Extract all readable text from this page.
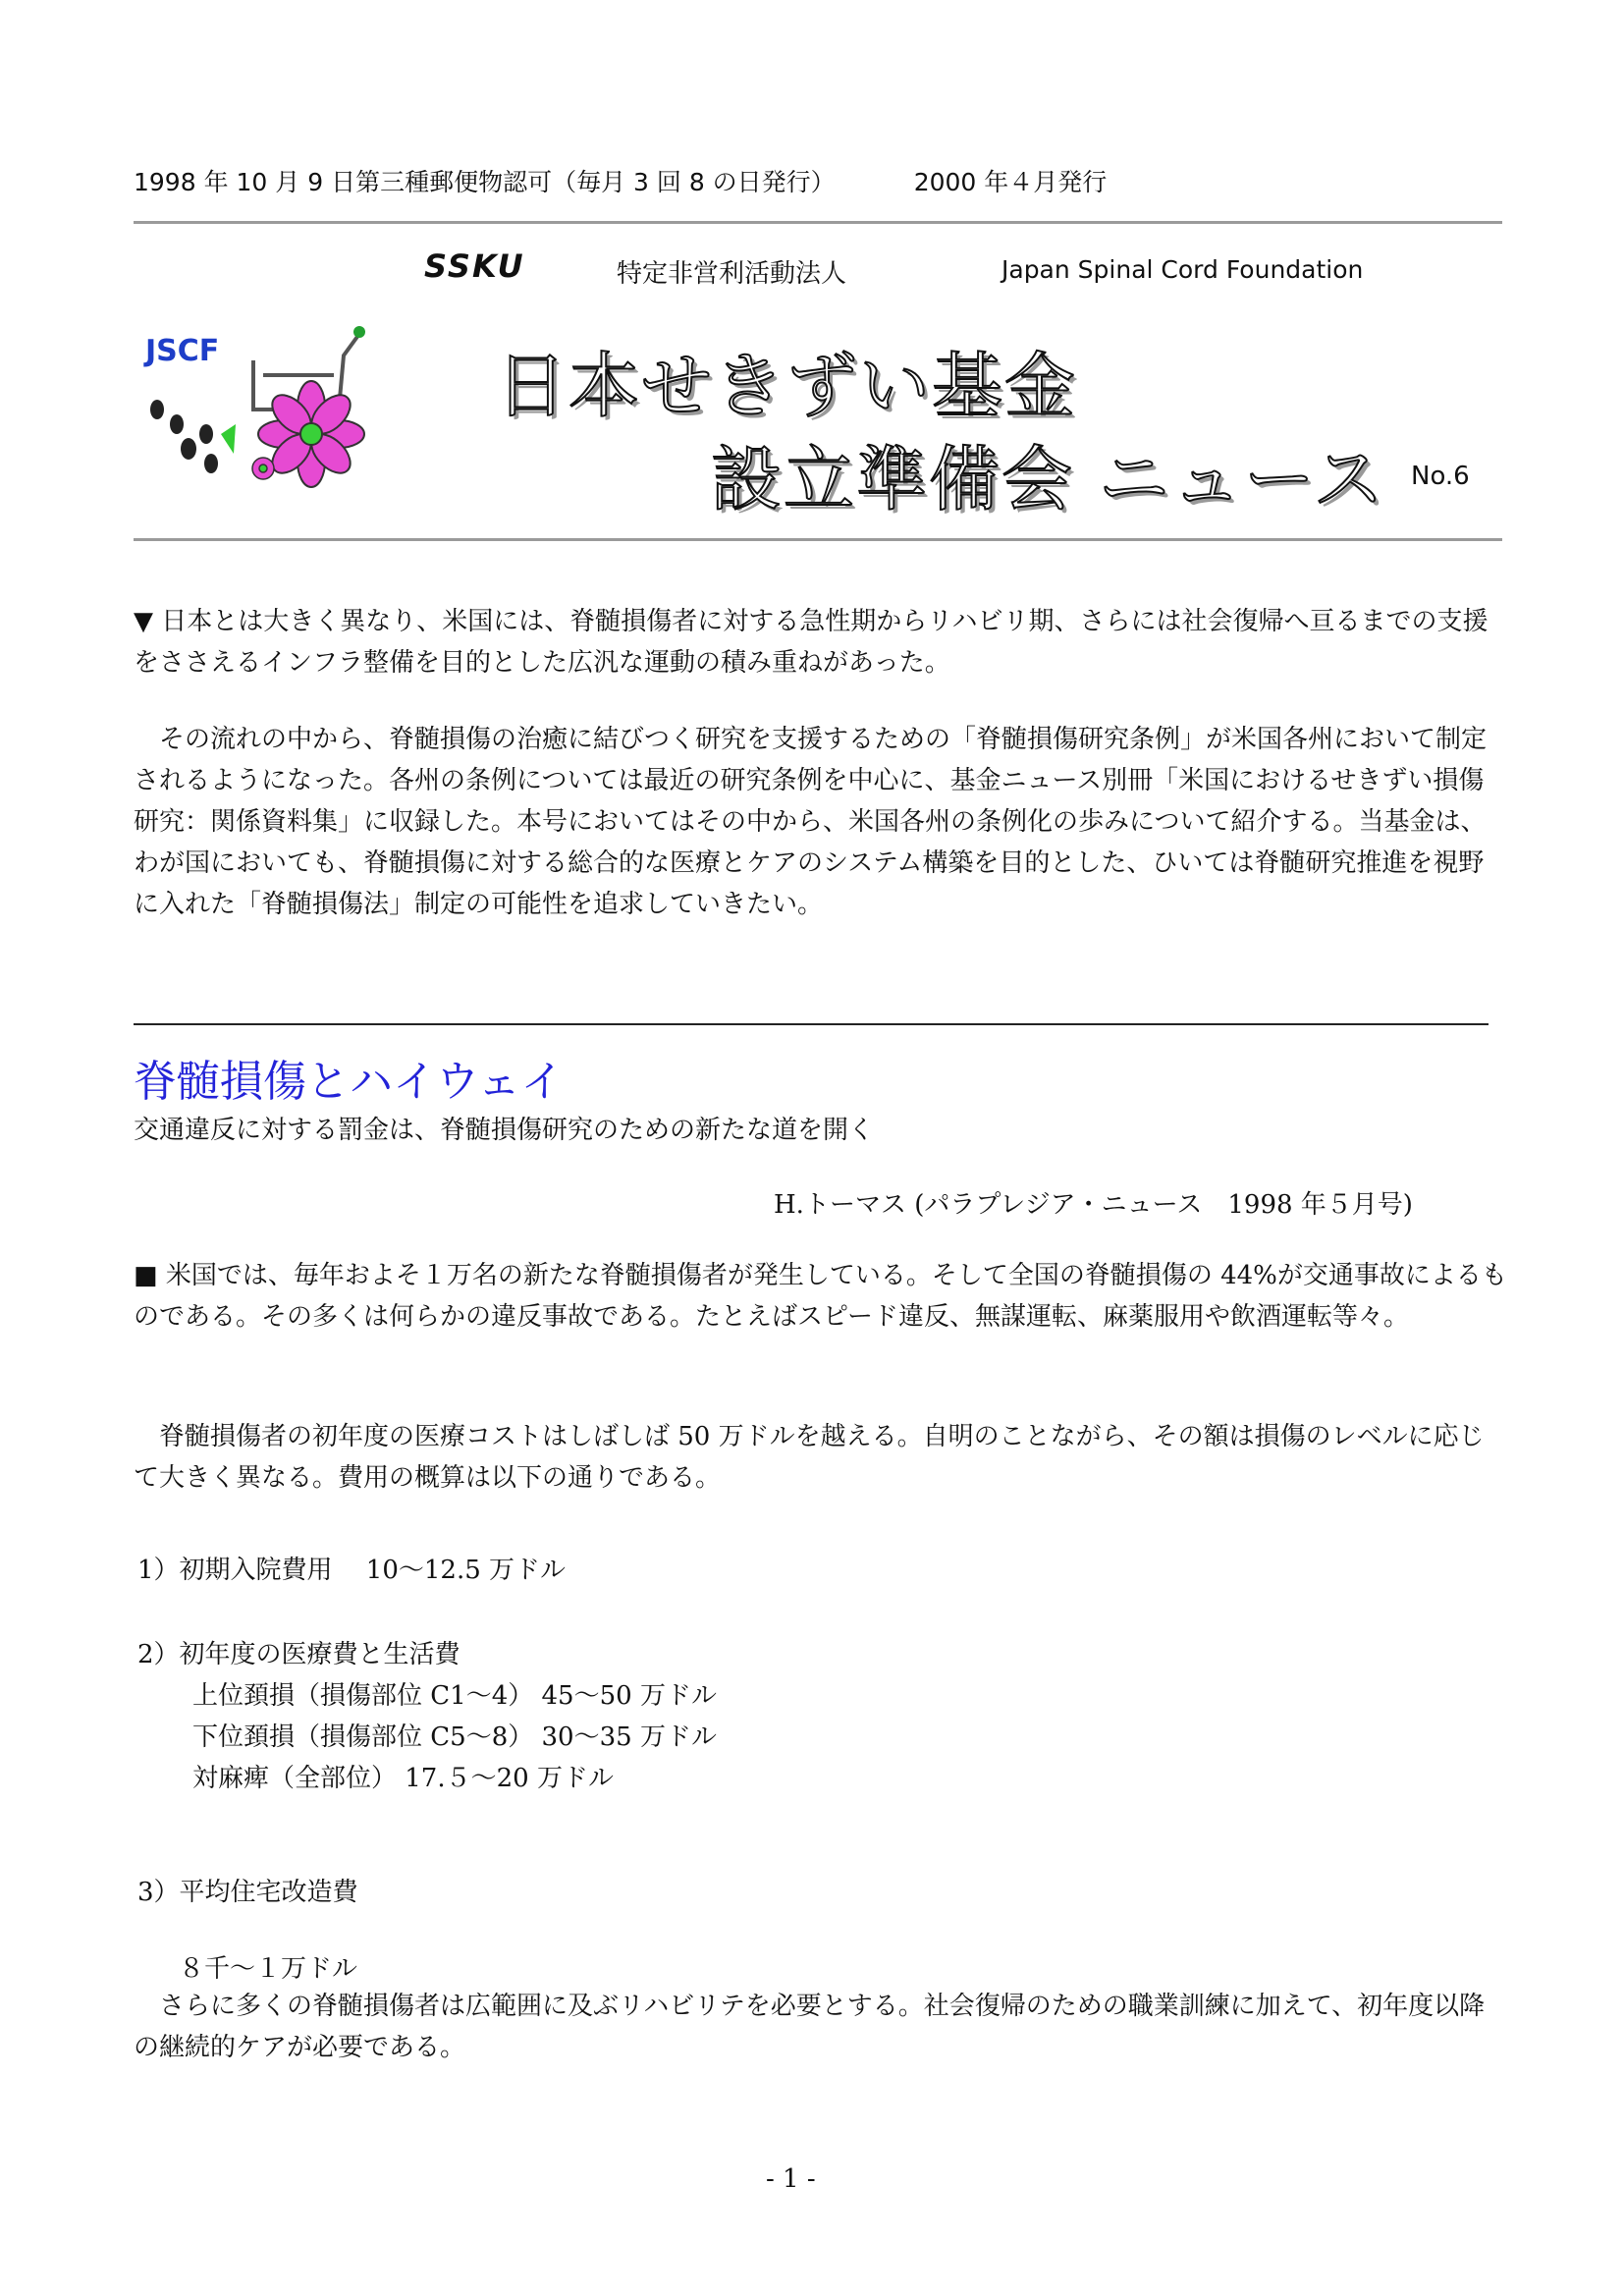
1998 年 10 月 9 日第三種郵便物認可（毎月 3 回 8 の日発行）	2000 年４月発行
SSKU	特定非営利活動法人	Japan Spinal Cord Foundation
JSCF	日本せきずい基金
設立準備会 ニュース No.6
▼ 日本とは大きく異なり、米国には、脊髄損傷者に対する急性期からリハビリ期、さらには社会復帰へ亘るまでの支援をささえるインフラ整備を目的とした広汎な運動の積み重ねがあった。
　その流れの中から、脊髄損傷の治癒に結びつく研究を支援するための「脊髄損傷研究条例」が米国各州において制定されるようになった。各州の条例については最近の研究条例を中心に、基金ニュース別冊「米国におけるせきずい損傷研究：関係資料集」に収録した。本号においてはその中から、米国各州の条例化の歩みについて紹介する。当基金は、わが国においても、脊髄損傷に対する総合的な医療とケアのシステム構築を目的とした、ひいては脊髄研究推進を視野に入れた「脊髄損傷法」制定の可能性を追求していきたい。
脊髄損傷とハイウェイ
交通違反に対する罰金は、脊髄損傷研究のための新たな道を開く
H.トーマス (パラプレジア・ニュース　1998 年５月号)
■ 米国では、毎年およそ１万名の新たな脊髄損傷者が発生している。そして全国の脊髄損傷の 44%が交通事故によるものである。その多くは何らかの違反事故である。たとえばスピード違反、無謀運転、麻薬服用や飲酒運転等々。
　脊髄損傷者の初年度の医療コストはしばしば 50 万ドルを越える。自明のことながら、その額は損傷のレベルに応じて大きく異なる。費用の概算は以下の通りである。
1）初期入院費用　 10〜12.5 万ドル
2）初年度の医療費と生活費
上位頚損（損傷部位 C1〜4） 45〜50 万ドル
下位頚損（損傷部位 C5〜8） 30〜35 万ドル
対麻痺（全部位） 17.５〜20 万ドル
3）平均住宅改造費
８千〜１万ドル
　さらに多くの脊髄損傷者は広範囲に及ぶリハビリテを必要とする。社会復帰のための職業訓練に加えて、初年度以降の継続的ケアが必要である。
- 1 -
